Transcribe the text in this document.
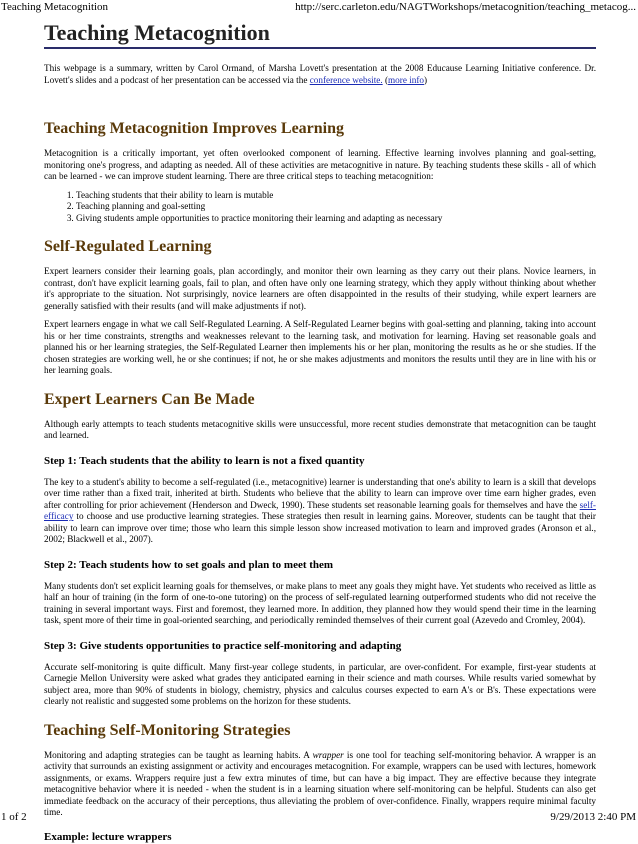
Teaching Metacognition	http://serc.carleton.edu/NAGTWorkshops/metacognition/teaching_metacog...
Teaching Metacognition

This webpage is a summary, written by Carol Ormand, of Marsha Lovett's presentation at the 2008 Educause Learning Initiative conference. Dr. Lovett's slides and a podcast of her presentation can be accessed via the conference website. (more info)

Teaching Metacognition Improves Learning

Metacognition is a critically important, yet often overlooked component of learning. Effective learning involves planning and goal-setting, monitoring one's progress, and adapting as needed. All of these activities are metacognitive in nature. By teaching students these skills - all of which can be learned - we can improve student learning. There are three critical steps to teaching metacognition:

1. Teaching students that their ability to learn is mutable
2. Teaching planning and goal-setting
3. Giving students ample opportunities to practice monitoring their learning and adapting as necessary
Self-Regulated Learning

Expert learners consider their learning goals, plan accordingly, and monitor their own learning as they carry out their plans. Novice learners, in contrast, don't have explicit learning goals, fail to plan, and often have only one learning strategy, which they apply without thinking about whether it's appropriate to the situation. Not surprisingly, novice learners are often disappointed in the results of their studying, while expert learners are generally satisfied with their results (and will make adjustments if not).

Expert learners engage in what we call Self-Regulated Learning. A Self-Regulated Learner begins with goal-setting and planning, taking into account his or her time constraints, strengths and weaknesses relevant to the learning task, and motivation for learning. Having set reasonable goals and planned his or her learning strategies, the Self-Regulated Learner then implements his or her plan, monitoring the results as he or she studies. If the chosen strategies are working well, he or she continues; if not, he or she makes adjustments and monitors the results until they are in line with his or her learning goals.

Expert Learners Can Be Made

Although early attempts to teach students metacognitive skills were unsuccessful, more recent studies demonstrate that metacognition can be taught and learned.

Step 1: Teach students that the ability to learn is not a fixed quantity

The key to a student's ability to become a self-regulated (i.e., metacognitive) learner is understanding that one's ability to learn is a skill that develops over time rather than a fixed trait, inherited at birth. Students who believe that the ability to learn can improve over time earn higher grades, even after controlling for prior achievement (Henderson and Dweck, 1990). These students set reasonable learning goals for themselves and have the self-efficacy to choose and use productive learning strategies. These strategies then result in learning gains. Moreover, students can be taught that their ability to learn can improve over time; those who learn this simple lesson show increased motivation to learn and improved grades (Aronson et al., 2002; Blackwell et al., 2007).

Step 2: Teach students how to set goals and plan to meet them

Many students don't set explicit learning goals for themselves, or make plans to meet any goals they might have. Yet students who received as little as half an hour of training (in the form of one-to-one tutoring) on the process of self-regulated learning outperformed students who did not receive the training in several important ways. First and foremost, they learned more. In addition, they planned how they would spend their time in the learning task, spent more of their time in goal-oriented searching, and periodically reminded themselves of their current goal (Azevedo and Cromley, 2004).

Step 3: Give students opportunities to practice self-monitoring and adapting

Accurate self-monitoring is quite difficult. Many first-year college students, in particular, are over-confident. For example, first-year students at Carnegie Mellon University were asked what grades they anticipated earning in their science and math courses. While results varied somewhat by subject area, more than 90% of students in biology, chemistry, physics and calculus courses expected to earn A's or B's. These expectations were clearly not realistic and suggested some problems on the horizon for these students.

Teaching Self-Monitoring Strategies

Monitoring and adapting strategies can be taught as learning habits. A wrapper is one tool for teaching self-monitoring behavior. A wrapper is an activity that surrounds an existing assignment or activity and encourages metacognition. For example, wrappers can be used with lectures, homework assignments, or exams. Wrappers require just a few extra minutes of time, but can have a big impact. They are effective because they integrate metacognitive behavior where it is needed - when the student is in a learning situation where self-monitoring can be helpful. Students can also get immediate feedback on the accuracy of their perceptions, thus alleviating the problem of over-confidence. Finally, wrappers require minimal faculty time.

Example: lecture wrappers
1 of 2	9/29/2013 2:40 PM
